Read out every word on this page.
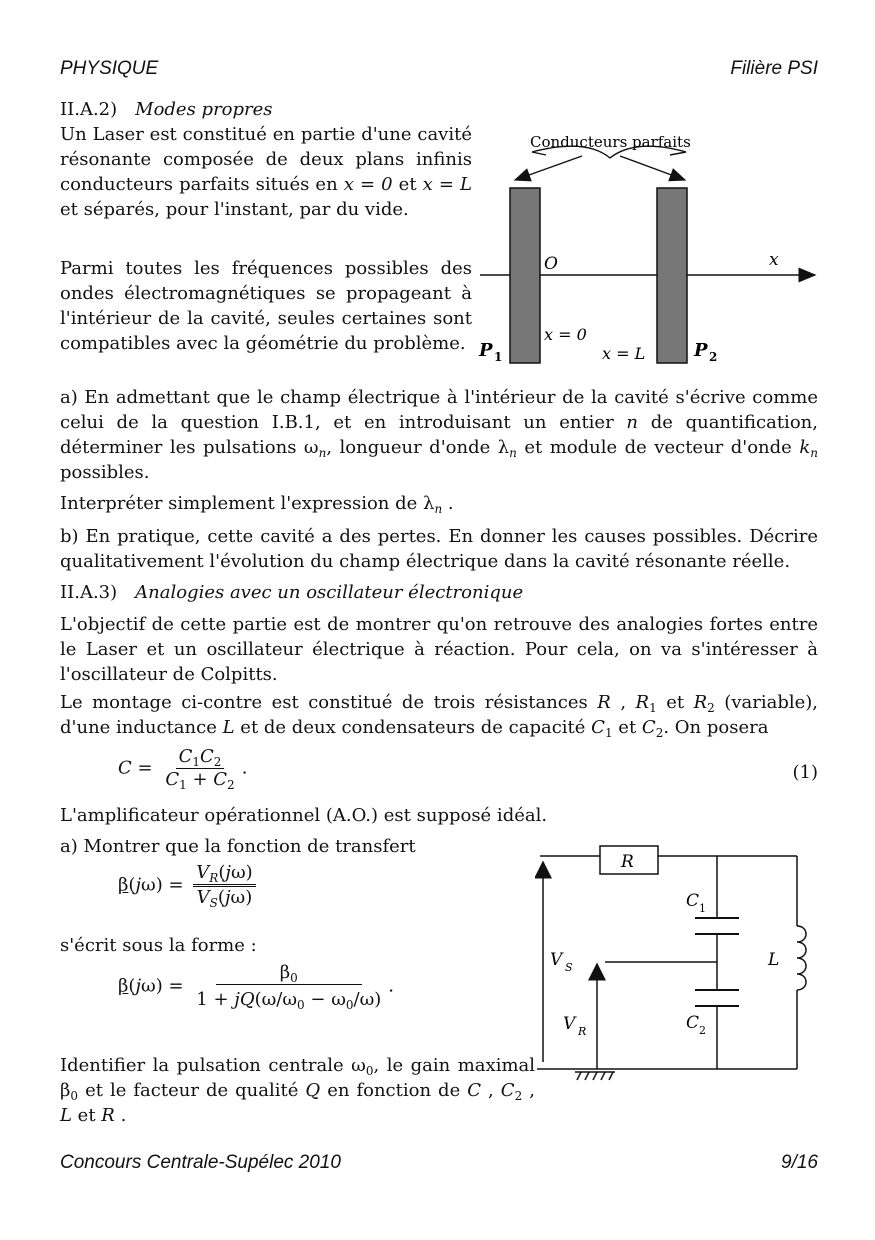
PHYSIQUE	Filière PSI
II.A.2) Modes propres
Un Laser est constitué en partie d'une cavité résonante composée de deux plans infinis conducteurs parfaits situés en x = 0 et x = L et séparés, pour l'instant, par du vide.
Parmi toutes les fréquences possibles des ondes électromagnétiques se propageant à l'intérieur de la cavité, seules certaines sont compatibles avec la géométrie du problème.
Conducteurs parfaits
O	x
x = 0
x = L
P 1	P 2
a) En admettant que le champ électrique à l'intérieur de la cavité s'écrive comme celui de la question I.B.1, et en introduisant un entier n de quantification, déterminer les pulsations $\omega_n$, longueur d'onde $\lambda_n$ et module de vecteur d'onde $k_n$ possibles.
Interpréter simplement l'expression de $\lambda_n$ .
b) En pratique, cette cavité a des pertes. En donner les causes possibles. Décrire qualitativement l'évolution du champ électrique dans la cavité résonante réelle.
II.A.3) Analogies avec un oscillateur électronique
L'objectif de cette partie est de montrer qu'on retrouve des analogies fortes entre le Laser et un oscillateur électrique à réaction. Pour cela, on va s'intéresser à l'oscillateur de Colpitts.
Le montage ci-contre est constitué de trois résistances R , $R_1$ et $R_2$ (variable), d'une inductance L et de deux condensateurs de capacité $C_1$ et $C_2$. On posera
$C = \frac{C_1C_2}{C_1 + C_2}$ .	(1)
L'amplificateur opérationnel (A.O.) est supposé idéal.
a) Montrer que la fonction de transfert
$\beta(j\omega) = \frac{V_R(j\omega)}{V_S(j\omega)}$
s'écrit sous la forme :
$\beta(j\omega) = \frac{\beta_0}{1 + jQ(\omega/\omega_0 - \omega_0/\omega)}$ .
Identifier la pulsation centrale $\omega_0$, le gain maximal $\beta_0$ et le facteur de qualité Q en fonction de C , $C_2$ , L et R .
R
C 1
C 2
L
V S
V R
Concours Centrale-Supélec 2010	9/16
